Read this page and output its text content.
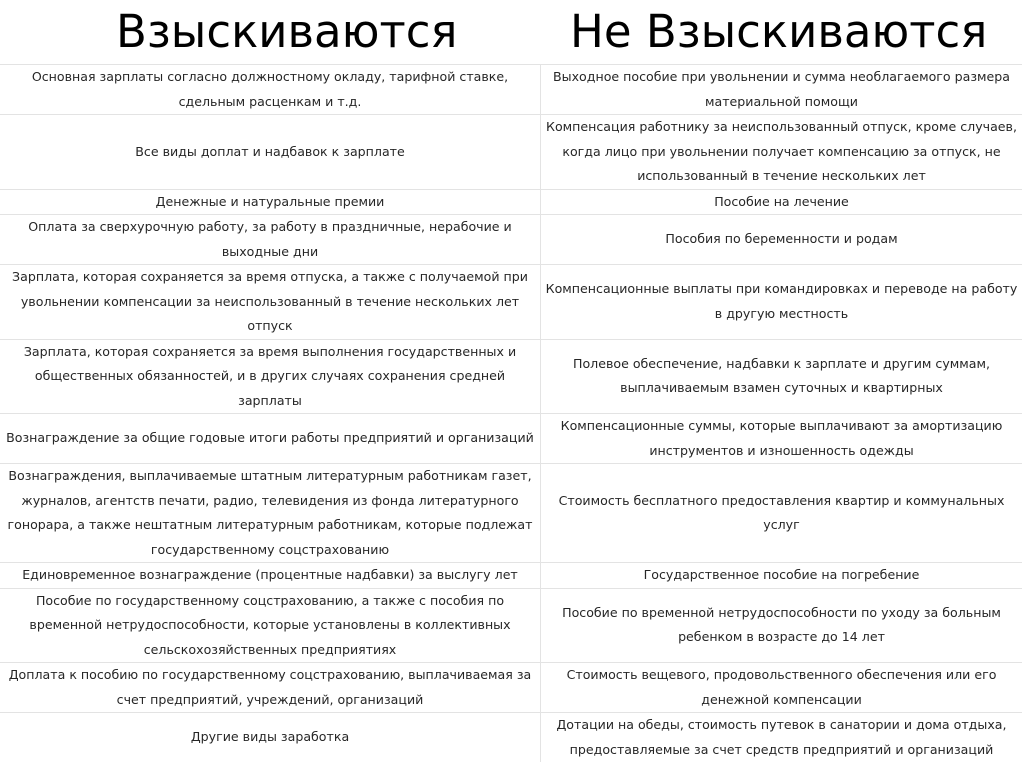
Взыскиваются	Не Взыскиваются
Основная зарплаты согласно должностному окладу, тарифной ставке, сдельным расценкам и т.д.	Выходное пособие при увольнении и сумма необлагаемого размера материальной помощи
Все виды доплат и надбавок к зарплате	Компенсация работнику за неиспользованный отпуск, кроме случаев, когда лицо при увольнении получает компенсацию за отпуск, не использованный в течение нескольких лет
Денежные и натуральные премии	Пособие на лечение
Оплата за сверхурочную работу, за работу в праздничные, нерабочие и выходные дни	Пособия по беременности и родам
Зарплата, которая сохраняется за время отпуска, а также с получаемой при увольнении компенсации за неиспользованный в течение нескольких лет отпуск	Компенсационные выплаты при командировках и переводе на работу в другую местность
Зарплата, которая сохраняется за время выполнения государственных и общественных обязанностей, и в других случаях сохранения средней зарплаты	Полевое обеспечение, надбавки к зарплате и другим суммам, выплачиваемым взамен суточных и квартирных
Вознаграждение за общие годовые итоги работы предприятий и организаций	Компенсационные суммы, которые выплачивают за амортизацию инструментов и изношенность одежды
Вознаграждения, выплачиваемые штатным литературным работникам газет, журналов, агентств печати, радио, телевидения из фонда литературного гонорара, а также нештатным литературным работникам, которые подлежат государственному соцстрахованию	Стоимость бесплатного предоставления квартир и коммунальных услуг
Единовременное вознаграждение (процентные надбавки) за выслугу лет	Государственное пособие на погребение
Пособие по государственному соцстрахованию, а также с пособия по временной нетрудоспособности, которые установлены в коллективных сельскохозяйственных предприятиях	Пособие по временной нетрудоспособности по уходу за больным ребенком в возрасте до 14 лет
Доплата к пособию по государственному соцстрахованию, выплачиваемая за счет предприятий, учреждений, организаций	Стоимость вещевого, продовольственного обеспечения или его денежной компенсации
Другие виды заработка	Дотации на обеды, стоимость путевок в санатории и дома отдыха, предоставляемые за счет средств предприятий и организаций
